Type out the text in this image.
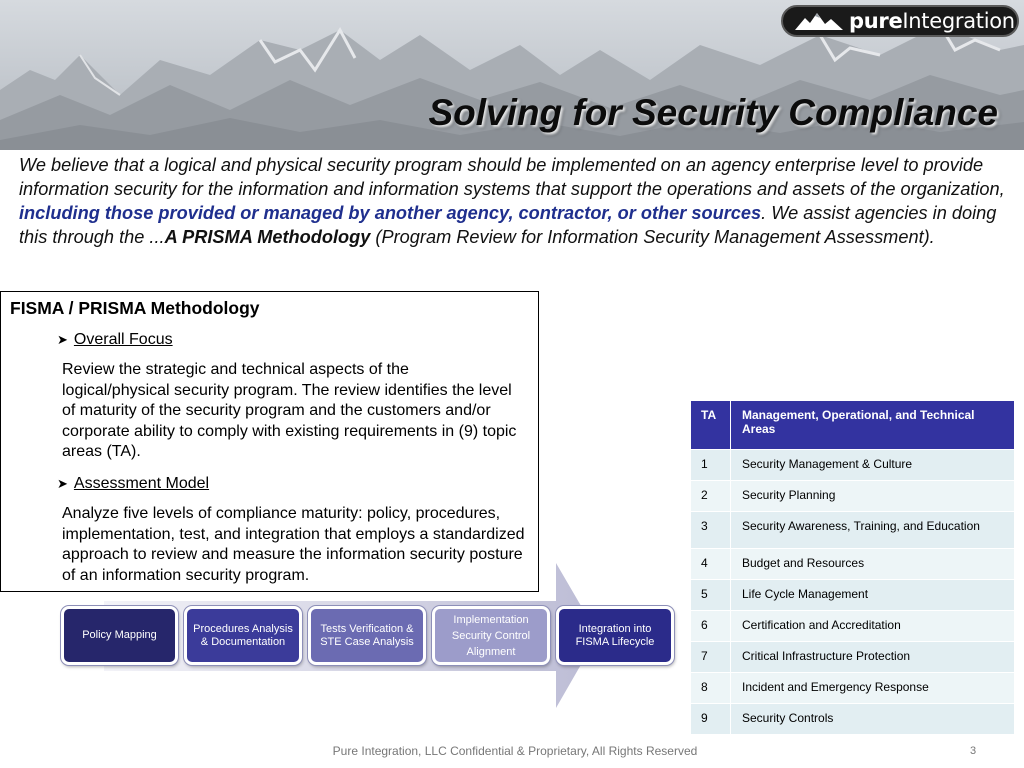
pureIntegration
Solving for Security Compliance
We believe that a logical and physical security program should be implemented on an agency enterprise level to provide information security for the information and information systems that support the operations and assets of the organization, including those provided or managed by another agency, contractor, or other sources. We assist agencies in doing this through the ...A PRISMA Methodology (Program Review for Information Security Management Assessment).
FISMA / PRISMA Methodology
➤ Overall Focus
Review the strategic and technical aspects of the logical/physical security program. The review identifies the level of maturity of the security program and the customers and/or corporate ability to comply with existing requirements in (9) topic areas (TA).
➤ Assessment Model
Analyze five levels of compliance maturity: policy, procedures, implementation, test, and integration that employs a standardized approach to review and measure the information security posture of an information security program.
Policy Mapping
Procedures Analysis & Documentation
Tests Verification & STE Case Analysis
Implementation Security Control Alignment
Integration into FISMA Lifecycle
TA	Management, Operational, and Technical Areas
1	Security Management & Culture
2	Security Planning
3	Security Awareness, Training, and Education
4	Budget and Resources
5	Life Cycle Management
6	Certification and Accreditation
7	Critical Infrastructure Protection
8	Incident and Emergency Response
9	Security Controls
Pure Integration, LLC Confidential & Proprietary, All Rights Reserved	3
